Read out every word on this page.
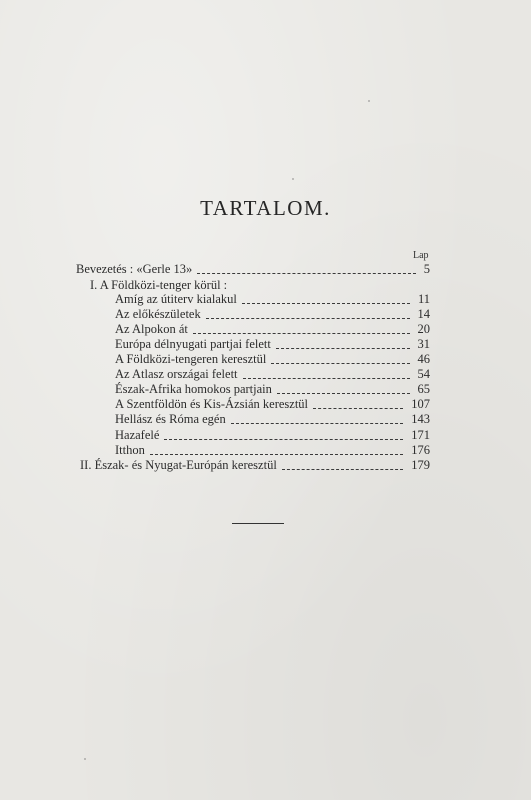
TARTALOM.
Lap
Bevezetés : «Gerle 13»	5
I. A Földközi-tenger körül :
Amíg az útiterv kialakul	11
Az előkészületek	14
Az Alpokon át	20
Európa délnyugati partjai felett	31
A Földközi-tengeren keresztül	46
Az Atlasz országai felett	54
Észak-Afrika homokos partjain	65
A Szentföldön és Kis-Ázsián keresztül	107
Hellász és Róma egén	143
Hazafelé	171
Itthon	176
II. Észak- és Nyugat-Európán keresztül	179
